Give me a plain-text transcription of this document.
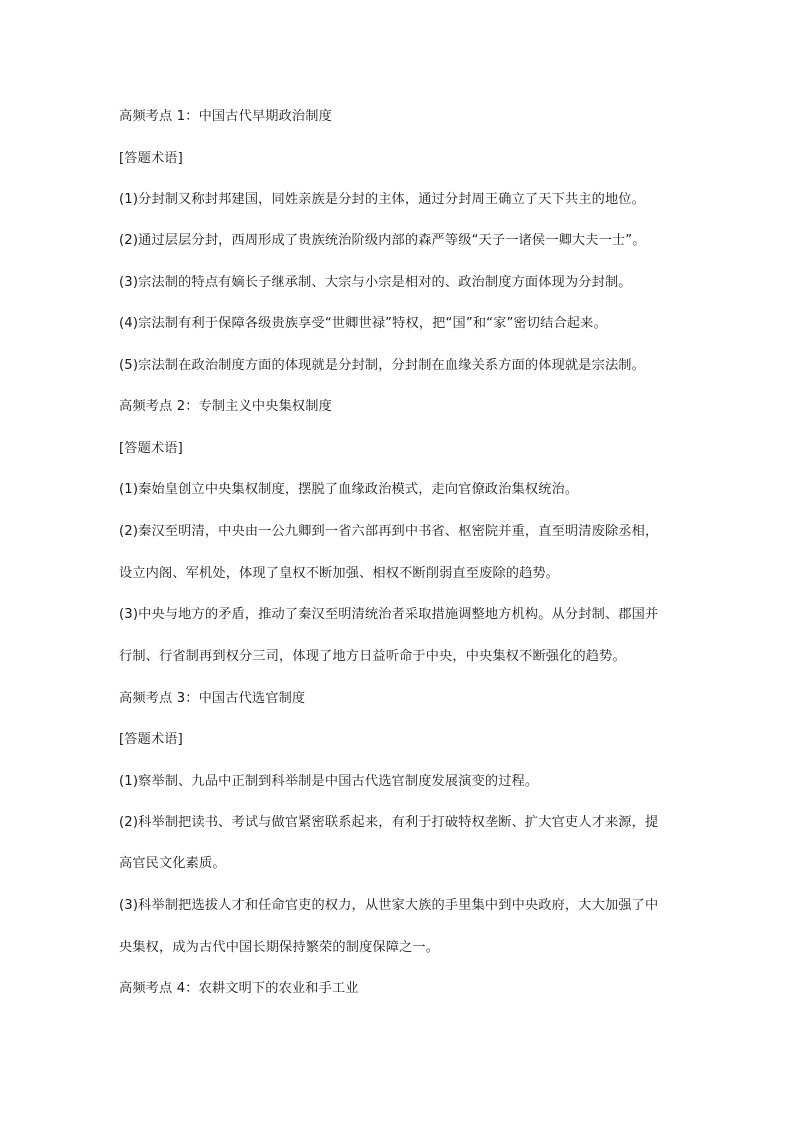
高频考点 1：中国古代早期政治制度
[答题术语]
(1)分封制又称封邦建国，同姓亲族是分封的主体，通过分封周王确立了天下共主的地位。
(2)通过层层分封，西周形成了贵族统治阶级内部的森严等级“天子一诸侯一卿大夫一士”。
(3)宗法制的特点有嫡长子继承制、大宗与小宗是相对的、政治制度方面体现为分封制。
(4)宗法制有利于保障各级贵族享受“世卿世禄”特权，把“国”和“家”密切结合起来。
(5)宗法制在政治制度方面的体现就是分封制，分封制在血缘关系方面的体现就是宗法制。
高频考点 2：专制主义中央集权制度
[答题术语]
(1)秦始皇创立中央集权制度，摆脱了血缘政治模式，走向官僚政治集权统治。
(2)秦汉至明清，中央由一公九卿到一省六部再到中书省、枢密院并重，直至明清废除丞相，
设立内阁、军机处，体现了皇权不断加强、相权不断削弱直至废除的趋势。
(3)中央与地方的矛盾，推动了秦汉至明清统治者采取措施调整地方机构。从分封制、郡国并
行制、行省制再到权分三司，体现了地方日益听命于中央，中央集权不断强化的趋势。
高频考点 3：中国古代选官制度
[答题术语]
(1)察举制、九品中正制到科举制是中国古代选官制度发展演变的过程。
(2)科举制把读书、考试与做官紧密联系起来，有利于打破特权垄断、扩大官吏人才来源，提
高官民文化素质。
(3)科举制把选拔人才和任命官吏的权力，从世家大族的手里集中到中央政府，大大加强了中
央集权，成为古代中国长期保持繁荣的制度保障之一。
高频考点 4：农耕文明下的农业和手工业
